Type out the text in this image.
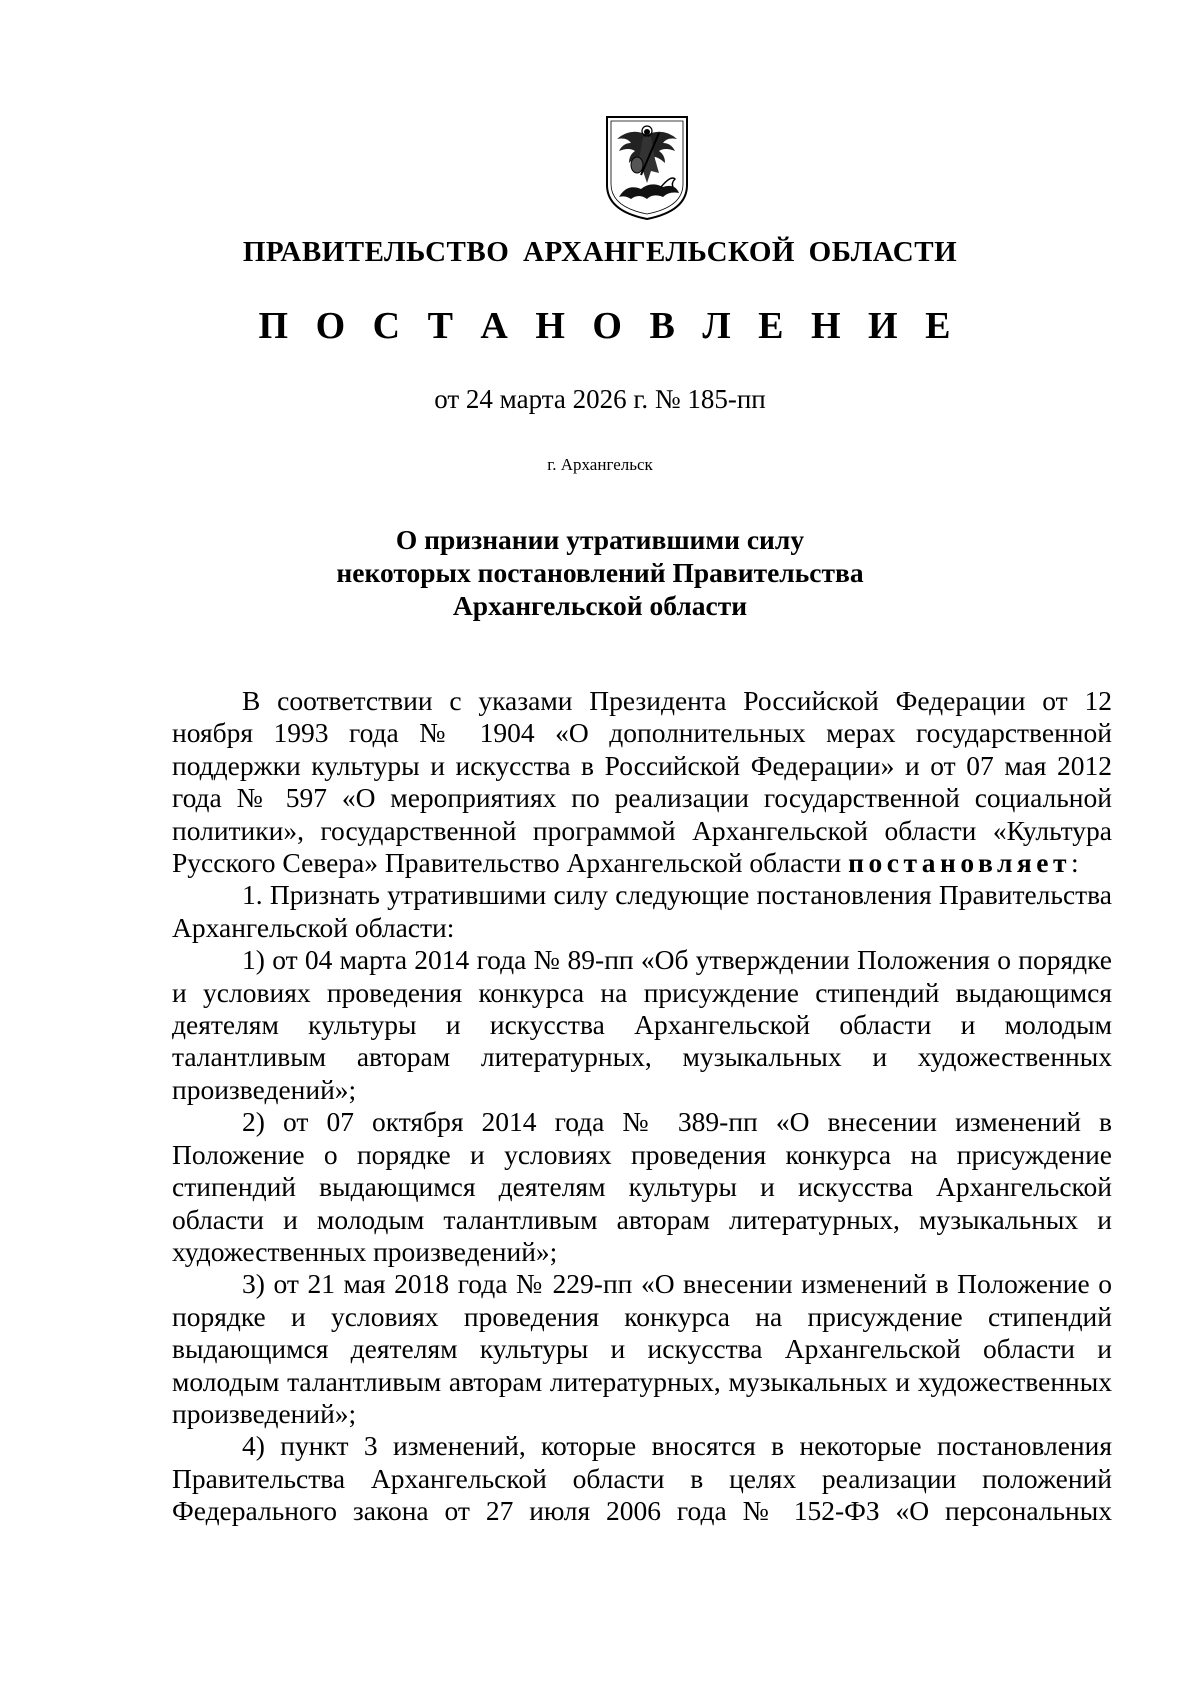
ПРАВИТЕЛЬСТВО АРХАНГЕЛЬСКОЙ ОБЛАСТИ
П О С Т А Н О В Л Е Н И Е
от 24 марта 2026 г. № 185-пп
г. Архангельск
О признании утратившими силу
некоторых постановлений Правительства
Архангельской области

В соответствии с указами Президента Российской Федерации от 12 ноября 1993 года № 1904 «О дополнительных мерах государственной поддержки культуры и искусства в Российской Федерации» и от 07 мая 2012 года № 597 «О мероприятиях по реализации государственной социальной политики», государственной программой Архангельской области «Культура Русского Севера» Правительство Архангельской области постановляет:

1. Признать утратившими силу следующие постановления Правительства Архангельской области:

1) от 04 марта 2014 года № 89-пп «Об утверждении Положения о порядке и условиях проведения конкурса на присуждение стипендий выдающимся деятелям культуры и искусства Архангельской области и молодым талантливым авторам литературных, музыкальных и художественных произведений»;

2) от 07 октября 2014 года № 389-пп «О внесении изменений в Положение о порядке и условиях проведения конкурса на присуждение стипендий выдающимся деятелям культуры и искусства Архангельской области и молодым талантливым авторам литературных, музыкальных и художественных произведений»;

3) от 21 мая 2018 года № 229-пп «О внесении изменений в Положение о порядке и условиях проведения конкурса на присуждение стипендий выдающимся деятелям культуры и искусства Архангельской области и молодым талантливым авторам литературных, музыкальных и художественных произведений»;

4) пункт 3 изменений, которые вносятся в некоторые постановления Правительства Архангельской области в целях реализации положений Федерального закона от 27 июля 2006 года № 152-ФЗ «О персональных
